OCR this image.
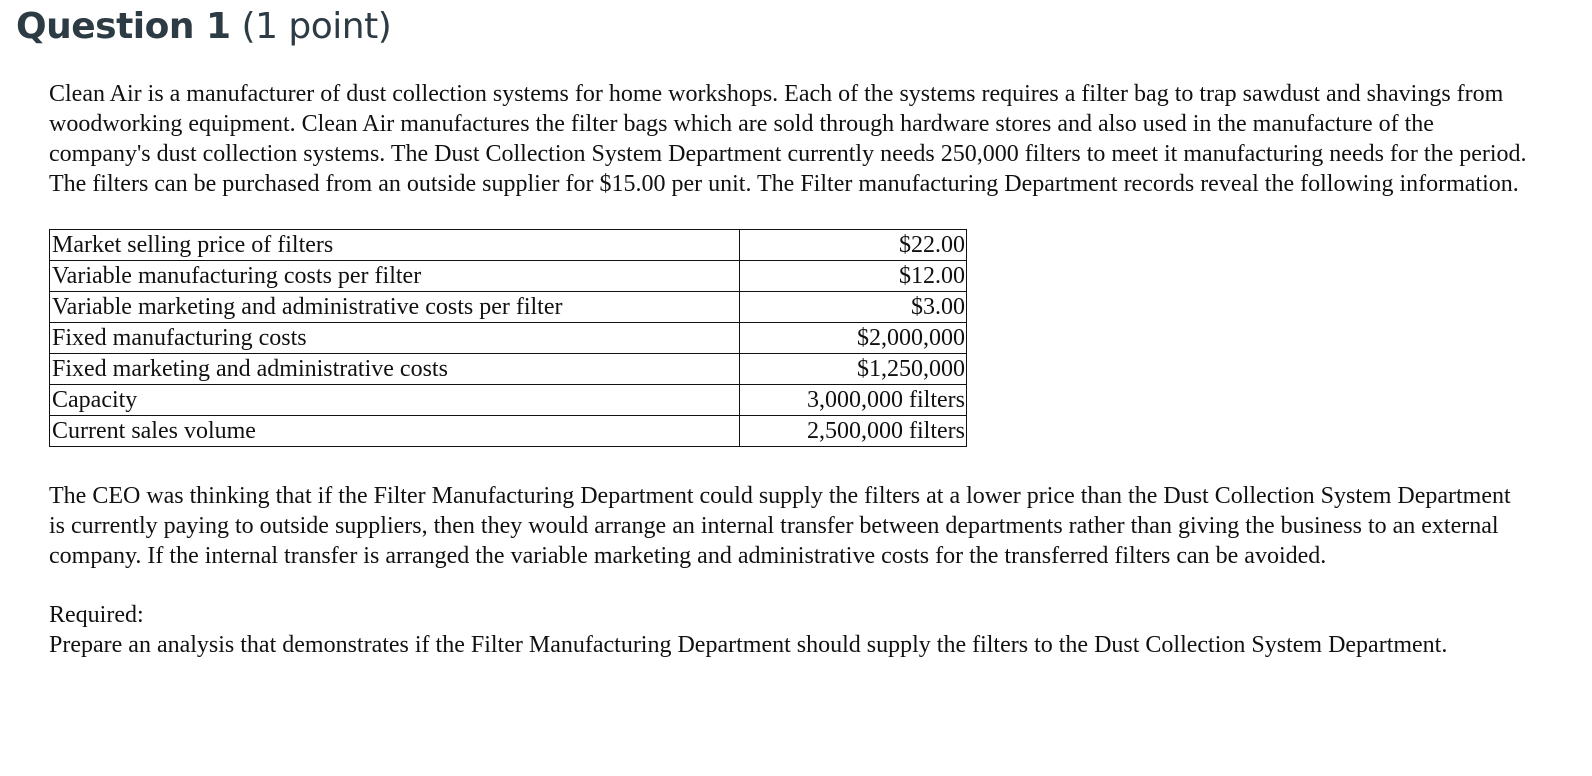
Question 1 (1 point)

Clean Air is a manufacturer of dust collection systems for home workshops. Each of the systems requires a filter bag to trap sawdust and shavings from woodworking equipment. Clean Air manufactures the filter bags which are sold through hardware stores and also used in the manufacture of the company's dust collection systems. The Dust Collection System Department currently needs 250,000 filters to meet it manufacturing needs for the period. The filters can be purchased from an outside supplier for $15.00 per unit. The Filter manufacturing Department records reveal the following information.

Market selling price of filters	$22.00
Variable manufacturing costs per filter	$12.00
Variable marketing and administrative costs per filter	$3.00
Fixed manufacturing costs	$2,000,000
Fixed marketing and administrative costs	$1,250,000
Capacity	3,000,000 filters
Current sales volume	2,500,000 filters

The CEO was thinking that if the Filter Manufacturing Department could supply the filters at a lower price than the Dust Collection System Department is currently paying to outside suppliers, then they would arrange an internal transfer between departments rather than giving the business to an external company. If the internal transfer is arranged the variable marketing and administrative costs for the transferred filters can be avoided.

Required:

Prepare an analysis that demonstrates if the Filter Manufacturing Department should supply the filters to the Dust Collection System Department.
